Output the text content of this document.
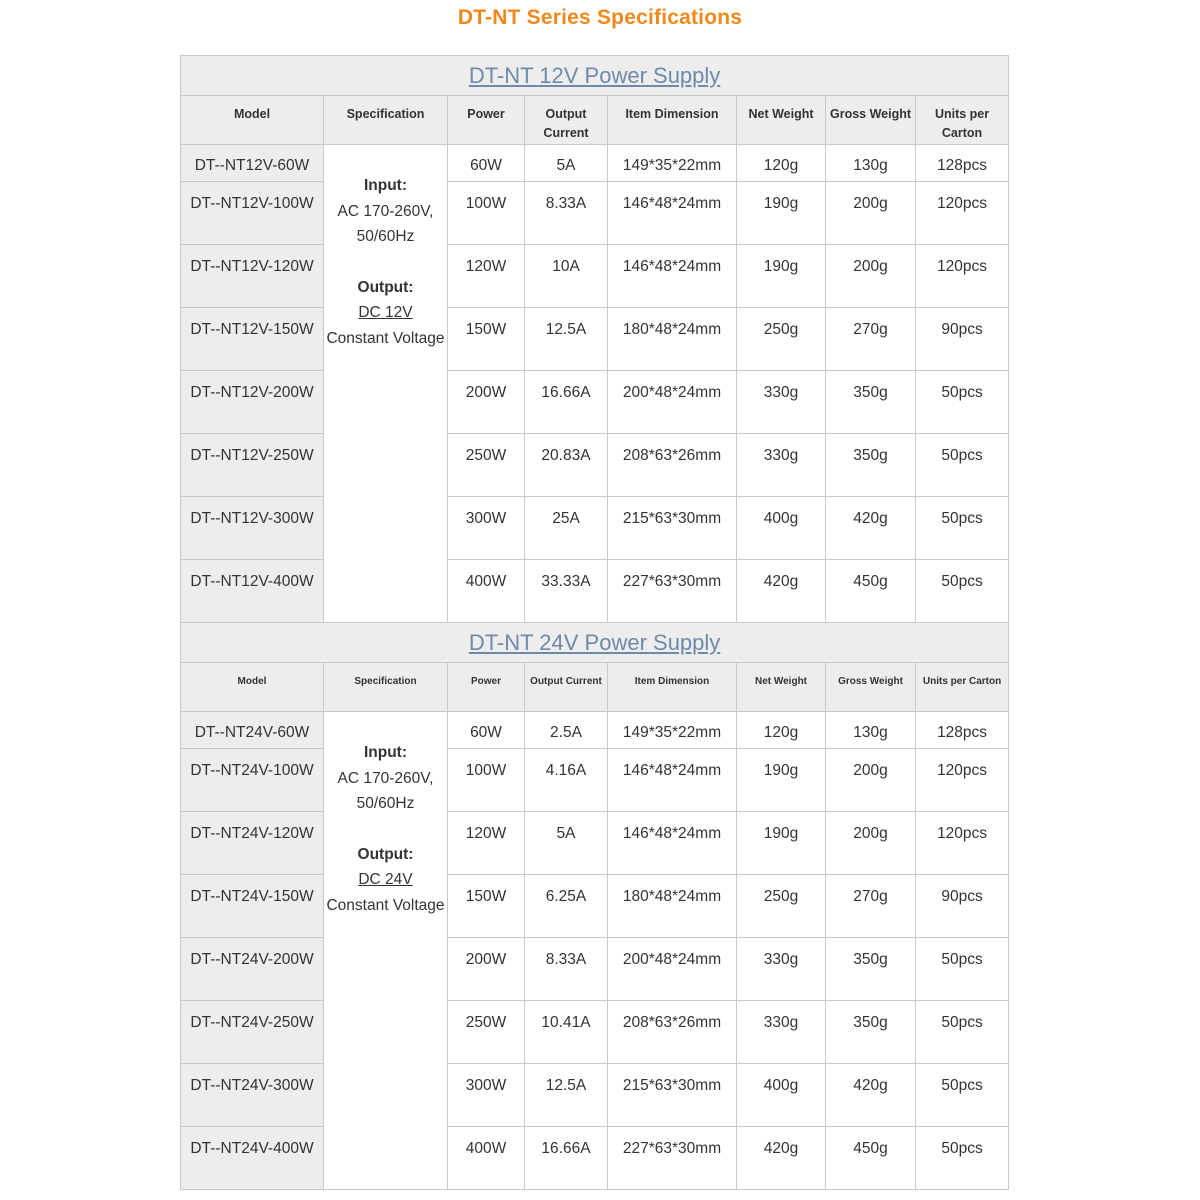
DT-NT Series Specifications
DT-NT 12V Power Supply							
Model	Specification	Power	Output Current	Item Dimension	Net Weight	Gross Weight	Units per Carton
DT--NT12V-60W	Input:
AC 170-260V, 50/60Hz
Output:
DC 12V
Constant Voltage	60W	5A	149*35*22mm	120g	130g	128pcs
DT--NT12V-100W		100W	8.33A	146*48*24mm	190g	200g	120pcs
DT--NT12V-120W		120W	10A	146*48*24mm	190g	200g	120pcs
DT--NT12V-150W		150W	12.5A	180*48*24mm	250g	270g	90pcs
DT--NT12V-200W		200W	16.66A	200*48*24mm	330g	350g	50pcs
DT--NT12V-250W		250W	20.83A	208*63*26mm	330g	350g	50pcs
DT--NT12V-300W		300W	25A	215*63*30mm	400g	420g	50pcs
DT--NT12V-400W		400W	33.33A	227*63*30mm	420g	450g	50pcs
DT-NT 24V Power Supply							
Model	Specification	Power	Output Current	Item Dimension	Net Weight	Gross Weight	Units per Carton
DT--NT24V-60W	Input:
AC 170-260V, 50/60Hz
Output:
DC 24V
Constant Voltage	60W	2.5A	149*35*22mm	120g	130g	128pcs
DT--NT24V-100W		100W	4.16A	146*48*24mm	190g	200g	120pcs
DT--NT24V-120W		120W	5A	146*48*24mm	190g	200g	120pcs
DT--NT24V-150W		150W	6.25A	180*48*24mm	250g	270g	90pcs
DT--NT24V-200W		200W	8.33A	200*48*24mm	330g	350g	50pcs
DT--NT24V-250W		250W	10.41A	208*63*26mm	330g	350g	50pcs
DT--NT24V-300W		300W	12.5A	215*63*30mm	400g	420g	50pcs
DT--NT24V-400W		400W	16.66A	227*63*30mm	420g	450g	50pcs
